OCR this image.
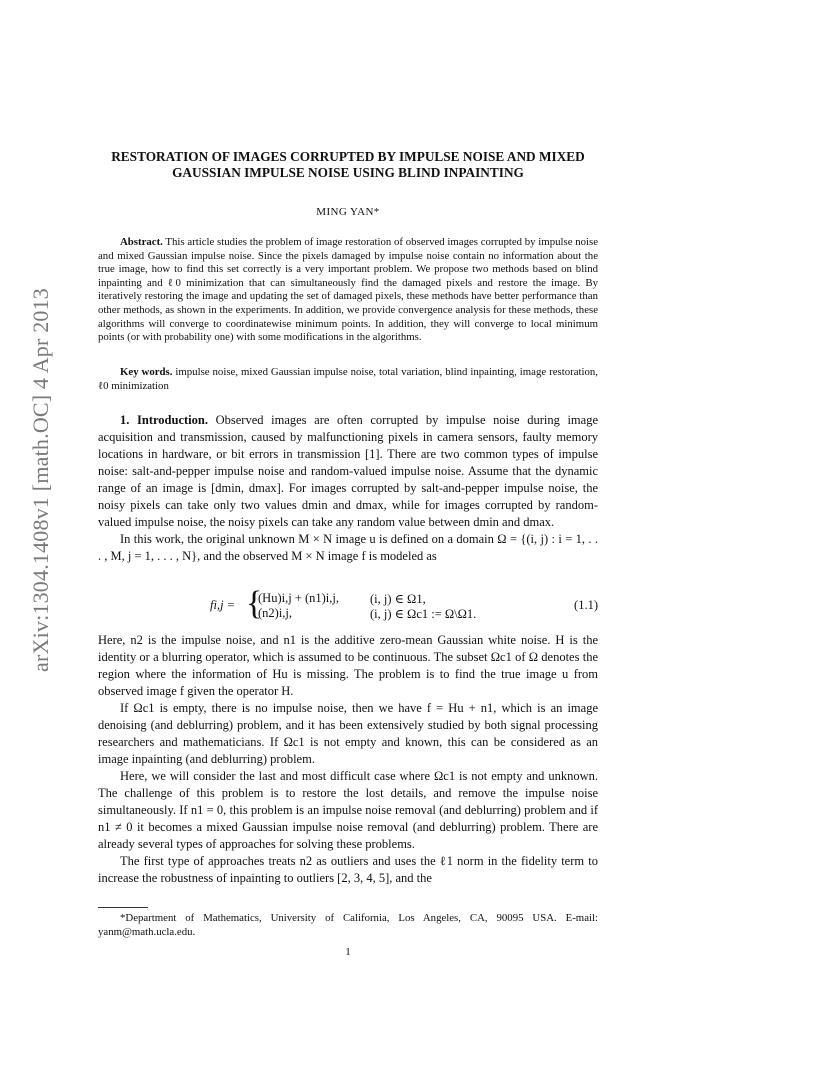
arXiv:1304.1408v1 [math.OC] 4 Apr 2013
RESTORATION OF IMAGES CORRUPTED BY IMPULSE NOISE AND MIXED GAUSSIAN IMPULSE NOISE USING BLIND INPAINTING
MING YAN*

Abstract. This article studies the problem of image restoration of observed images corrupted by impulse noise and mixed Gaussian impulse noise. Since the pixels damaged by impulse noise contain no information about the true image, how to find this set correctly is a very important problem. We propose two methods based on blind inpainting and ℓ0 minimization that can simultaneously find the damaged pixels and restore the image. By iteratively restoring the image and updating the set of damaged pixels, these methods have better performance than other methods, as shown in the experiments. In addition, we provide convergence analysis for these methods, these algorithms will converge to coordinatewise minimum points. In addition, they will converge to local minimum points (or with probability one) with some modifications in the algorithms.

Key words. impulse noise, mixed Gaussian impulse noise, total variation, blind inpainting, image restoration, ℓ0 minimization

1. Introduction. Observed images are often corrupted by impulse noise during image acquisition and transmission, caused by malfunctioning pixels in camera sensors, faulty memory locations in hardware, or bit errors in transmission [1]. There are two common types of impulse noise: salt-and-pepper impulse noise and random-valued impulse noise. Assume that the dynamic range of an image is [dmin, dmax]. For images corrupted by salt-and-pepper impulse noise, the noisy pixels can take only two values dmin and dmax, while for images corrupted by random-valued impulse noise, the noisy pixels can take any random value between dmin and dmax.

In this work, the original unknown M × N image u is defined on a domain Ω = {(i, j) : i = 1, . . . , M, j = 1, . . . , N}, and the observed M × N image f is modeled as

fi,j = {
(Hu)i,j + (n1)i,j, (i, j) ∈ Ω1,
(n2)i,j,	(i, j) ∈ Ωc1 := Ω\Ω1.
(1.1)

Here, n2 is the impulse noise, and n1 is the additive zero-mean Gaussian white noise. H is the identity or a blurring operator, which is assumed to be continuous. The subset Ωc1 of Ω denotes the region where the information of Hu is missing. The problem is to find the true image u from observed image f given the operator H.

If Ωc1 is empty, there is no impulse noise, then we have f = Hu + n1, which is an image denoising (and deblurring) problem, and it has been extensively studied by both signal processing researchers and mathematicians. If Ωc1 is not empty and known, this can be considered as an image inpainting (and deblurring) problem.

Here, we will consider the last and most difficult case where Ωc1 is not empty and unknown. The challenge of this problem is to restore the lost details, and remove the impulse noise simultaneously. If n1 = 0, this problem is an impulse noise removal (and deblurring) problem and if n1 ≠ 0 it becomes a mixed Gaussian impulse noise removal (and deblurring) problem. There are already several types of approaches for solving these problems.

The first type of approaches treats n2 as outliers and uses the ℓ1 norm in the fidelity term to increase the robustness of inpainting to outliers [2, 3, 4, 5], and the

*Department of Mathematics, University of California, Los Angeles, CA, 90095 USA. E-mail: yanm@math.ucla.edu.

1
